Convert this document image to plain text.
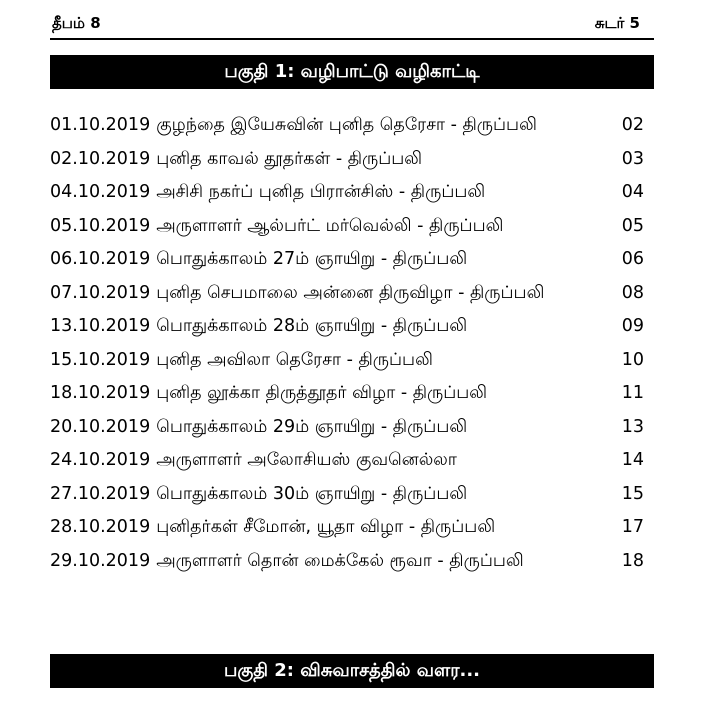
தீபம் 8	சுடர் 5
பகுதி 1: வழிபாட்டு வழிகாட்டி
01.10.2019 குழந்தை இயேசுவின் புனித தெரேசா - திருப்பலி	02
02.10.2019 புனித காவல் தூதர்கள் - திருப்பலி	03
04.10.2019 அசிசி நகர்ப் புனித பிரான்சிஸ் - திருப்பலி	04
05.10.2019 அருளாளர் ஆல்பர்ட் மர்வெல்லி - திருப்பலி	05
06.10.2019 பொதுக்காலம் 27ம் ஞாயிறு - திருப்பலி	06
07.10.2019 புனித செபமாலை அன்னை திருவிழா - திருப்பலி	08
13.10.2019 பொதுக்காலம் 28ம் ஞாயிறு - திருப்பலி	09
15.10.2019 புனித அவிலா தெரேசா - திருப்பலி	10
18.10.2019 புனித லூக்கா திருத்தூதர் விழா - திருப்பலி	11
20.10.2019 பொதுக்காலம் 29ம் ஞாயிறு - திருப்பலி	13
24.10.2019 அருளாளர் அலோசியஸ் குவனெல்லா	14
27.10.2019 பொதுக்காலம் 30ம் ஞாயிறு - திருப்பலி	15
28.10.2019 புனிதர்கள் சீமோன், யூதா விழா - திருப்பலி	17
29.10.2019 அருளாளர் தொன் மைக்கேல் ரூவா - திருப்பலி	18
பகுதி 2: விசுவாசத்தில் வளர...
